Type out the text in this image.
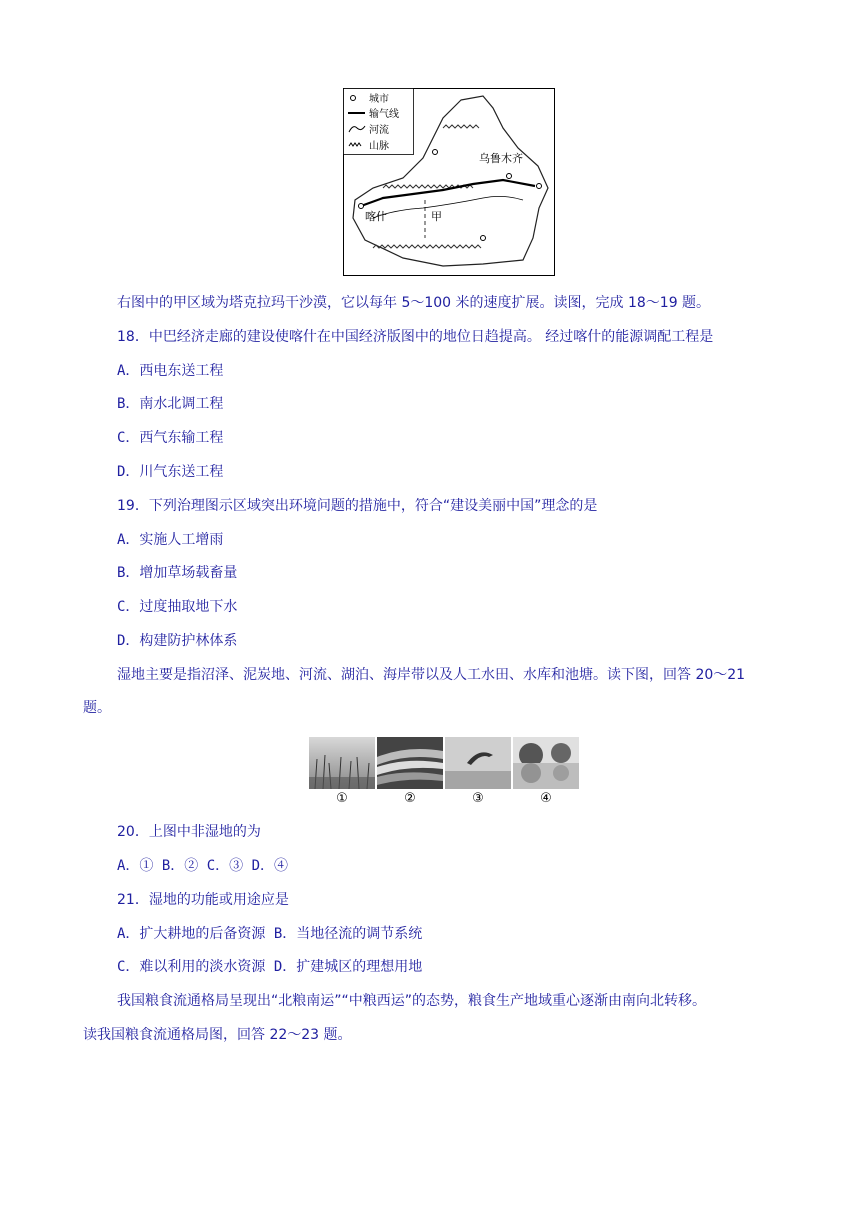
城市
输气线
河流
山脉
乌鲁木齐
喀什	甲
右图中的甲区域为塔克拉玛干沙漠，它以每年 5～100 米的速度扩展。读图，完成 18～19 题。
18．中巴经济走廊的建设使喀什在中国经济版图中的地位日趋提高。 经过喀什的能源调配工程是
A．西电东送工程
B．南水北调工程
C．西气东输工程
D．川气东送工程
19．下列治理图示区域突出环境问题的措施中，符合“建设美丽中国”理念的是
A．实施人工增雨
B．增加草场载畜量
C．过度抽取地下水
D．构建防护林体系
湿地主要是指沼泽、泥炭地、河流、湖泊、海岸带以及人工水田、水库和池塘。读下图，回答 20～21
题。
①	②	③	④
20．上图中非湿地的为
A．① B．② C．③ D．④
21．湿地的功能或用途应是
A．扩大耕地的后备资源 B．当地径流的调节系统
C．难以利用的淡水资源 D．扩建城区的理想用地
我国粮食流通格局呈现出“北粮南运”“中粮西运”的态势，粮食生产地域重心逐渐由南向北转移。
读我国粮食流通格局图，回答 22～23 题。
